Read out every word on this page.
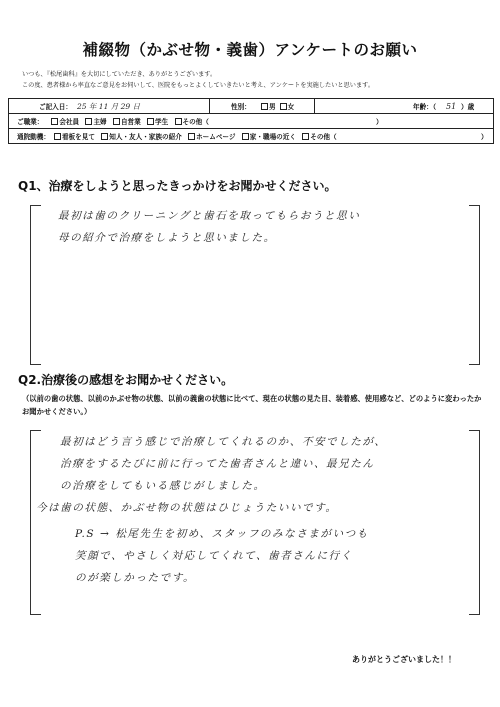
補綴物（かぶせ物・義歯）アンケートのお願い
いつも、『松尾歯科』を大切にしていただき、ありがとうございます。
この度、患者様から率直なご意見をお伺いして、医院をもっとよくしていきたいと考え、アンケートを実施したいと思います。
ご記入日： 25 年 11 月 29 日	性別：	男 女	年齢：（ 51 ）歳
ご職業：	会社員 主婦 自営業 学生 その他（	）
通院動機：	看板を見て 知人・友人・家族の紹介 ホームページ 家・職場の近く その他（	）
Q1、治療をしようと思ったきっかけをお聞かせください。
最初は歯のクリーニングと歯石を取ってもらおうと思い
母の紹介で治療をしようと思いました。
Q2.治療後の感想をお聞かせください。
（以前の歯の状態、以前のかぶせ物の状態、以前の義歯の状態に比べて、現在の状態の見た目、装着感、使用感など、どのように変わったかお聞かせください。）
最初はどう言う感じで治療してくれるのか、不安でしたが、
治療をするたびに前に行ってた歯者さんと違い、最兄たん
の治療をしてもいる感じがしました。
今は歯の状態、かぶせ物の状態はひじょうたいいです。
P.S → 松尾先生を初め、スタッフのみなさまがいつも
笑顔で、やさしく対応してくれて、歯者さんに行く
のが楽しかったです。
ありがとうございました！！
